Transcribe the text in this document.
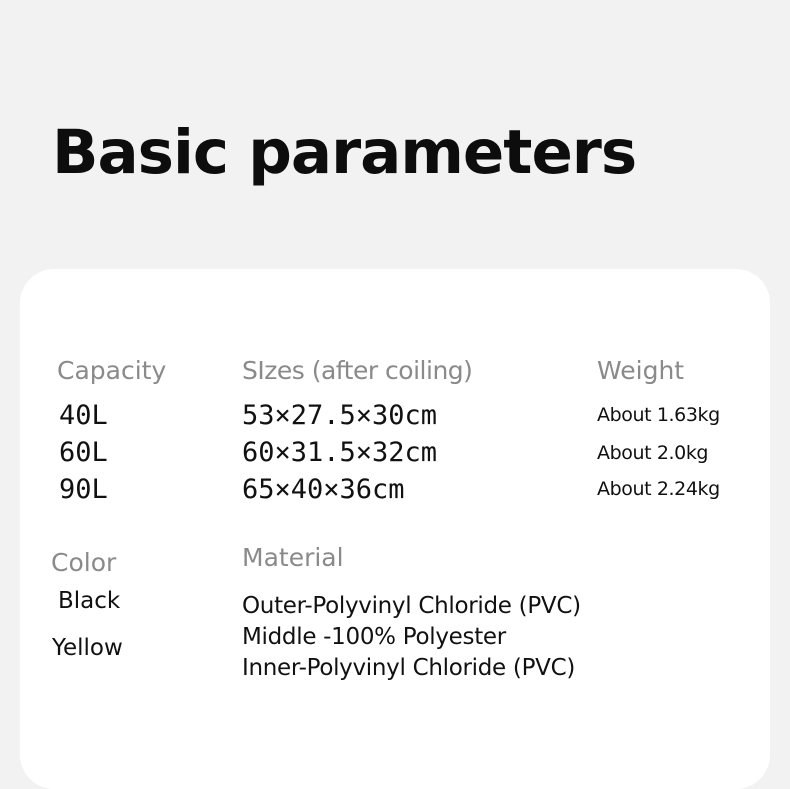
Basic parameters
Capacity
40L
60L
90L
SIzes (after coiling)
53×27.5×30cm
60×31.5×32cm
65×40×36cm
Weight
About 1.63kg
About 2.0kg
About 2.24kg
Color
Black
Yellow
Material
Outer-Polyvinyl Chloride (PVC)
Middle -100% Polyester
Inner-Polyvinyl Chloride (PVC)
